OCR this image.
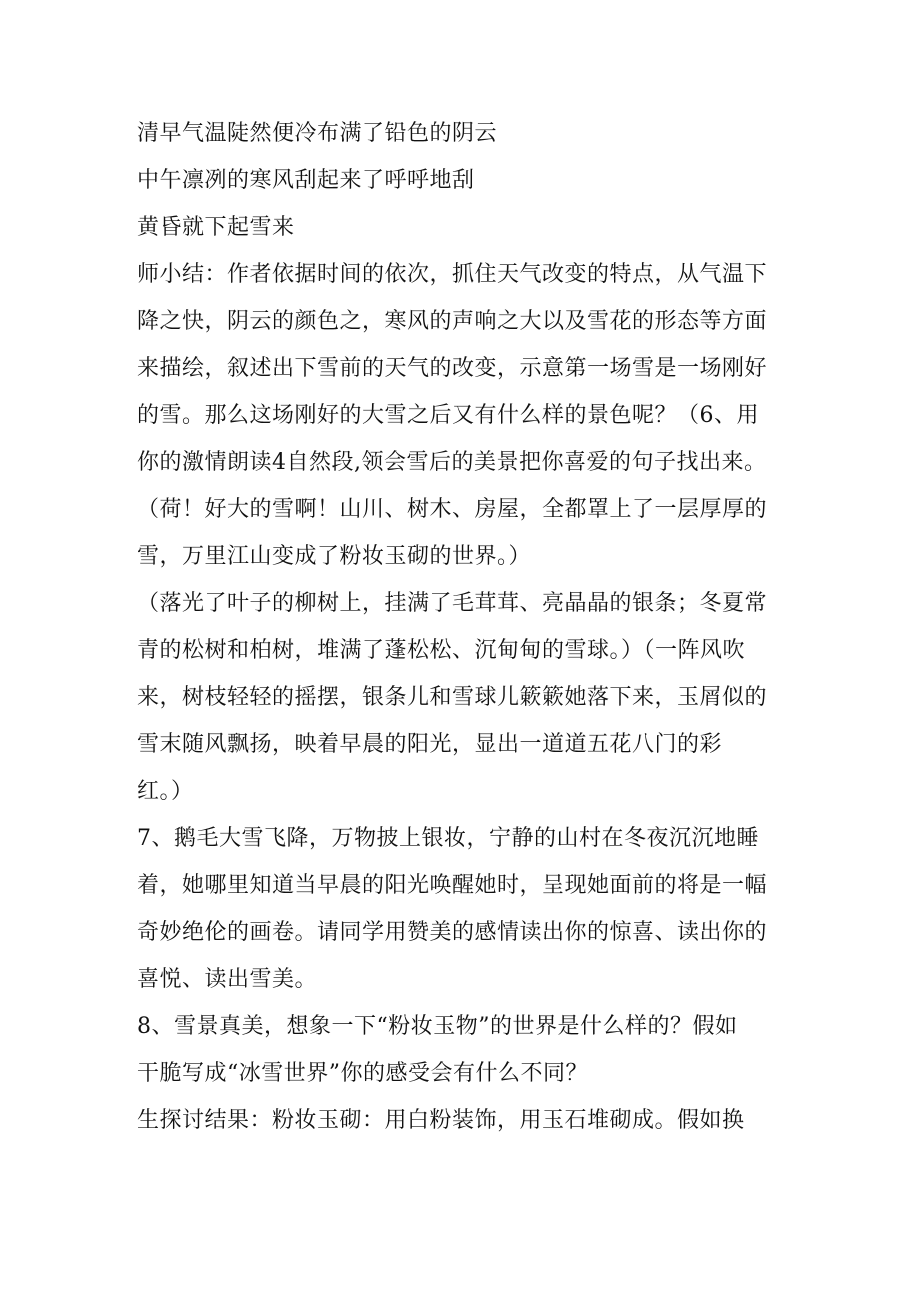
清早气温陡然便冷布满了铅色的阴云
中午凛冽的寒风刮起来了呼呼地刮
黄昏就下起雪来
师小结：作者依据时间的依次，抓住天气改变的特点，从气温下
降之快，阴云的颜色之，寒风的声响之大以及雪花的形态等方面
来描绘，叙述出下雪前的天气的改变，示意第一场雪是一场刚好
的雪。那么这场刚好的大雪之后又有什么样的景色呢？（6、用
你的激情朗读4自然段,领会雪后的美景把你喜爱的句子找出来。
（荷！好大的雪啊！山川、树木、房屋，全都罩上了一层厚厚的
雪，万里江山变成了粉妆玉砌的世界。）
（落光了叶子的柳树上，挂满了毛茸茸、亮晶晶的银条；冬夏常
青的松树和柏树，堆满了蓬松松、沉甸甸的雪球。）（一阵风吹
来，树枝轻轻的摇摆，银条儿和雪球儿簌簌她落下来，玉屑似的
雪末随风飘扬，映着早晨的阳光，显出一道道五花八门的彩
红。）
7、鹅毛大雪飞降，万物披上银妆，宁静的山村在冬夜沉沉地睡
着，她哪里知道当早晨的阳光唤醒她时，呈现她面前的将是一幅
奇妙绝伦的画卷。请同学用赞美的感情读出你的惊喜、读出你的
喜悦、读出雪美。
8、雪景真美，想象一下“粉妆玉物”的世界是什么样的？假如
干脆写成“冰雪世界”你的感受会有什么不同？
生探讨结果：粉妆玉砌：用白粉装饰，用玉石堆砌成。假如换
